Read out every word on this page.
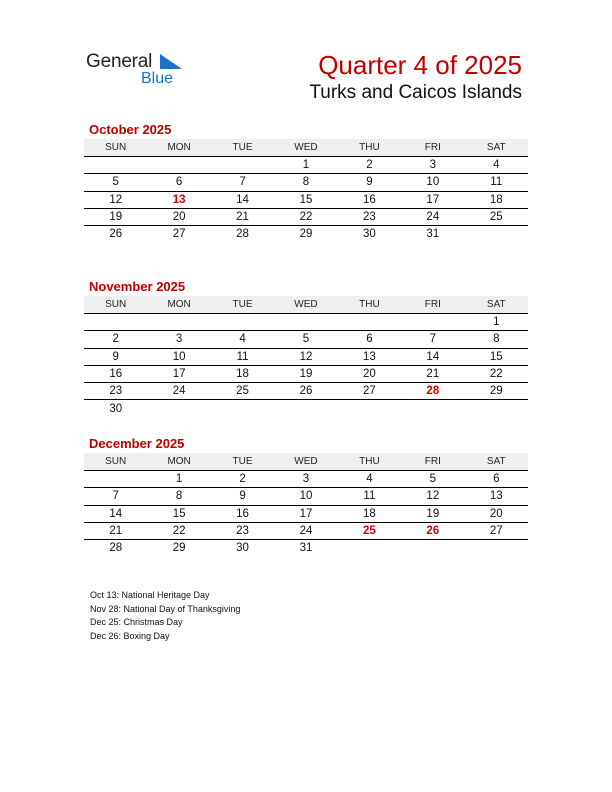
General
Blue	Quarter 4 of 2025
Turks and Caicos Islands
October 2025
SUN	MON	TUE	WED	THU	FRI	SAT
			1	2	3	4
5	6	7	8	9	10	11
12	13	14	15	16	17	18
19	20	21	22	23	24	25
26	27	28	29	30	31	
November 2025
SUN	MON	TUE	WED	THU	FRI	SAT
						1
2	3	4	5	6	7	8
9	10	11	12	13	14	15
16	17	18	19	20	21	22
23	24	25	26	27	28	29
30						
December 2025
SUN	MON	TUE	WED	THU	FRI	SAT
	1	2	3	4	5	6
7	8	9	10	11	12	13
14	15	16	17	18	19	20
21	22	23	24	25	26	27
28	29	30	31			
Oct 13: National Heritage Day
Nov 28: National Day of Thanksgiving
Dec 25: Christmas Day
Dec 26: Boxing Day
